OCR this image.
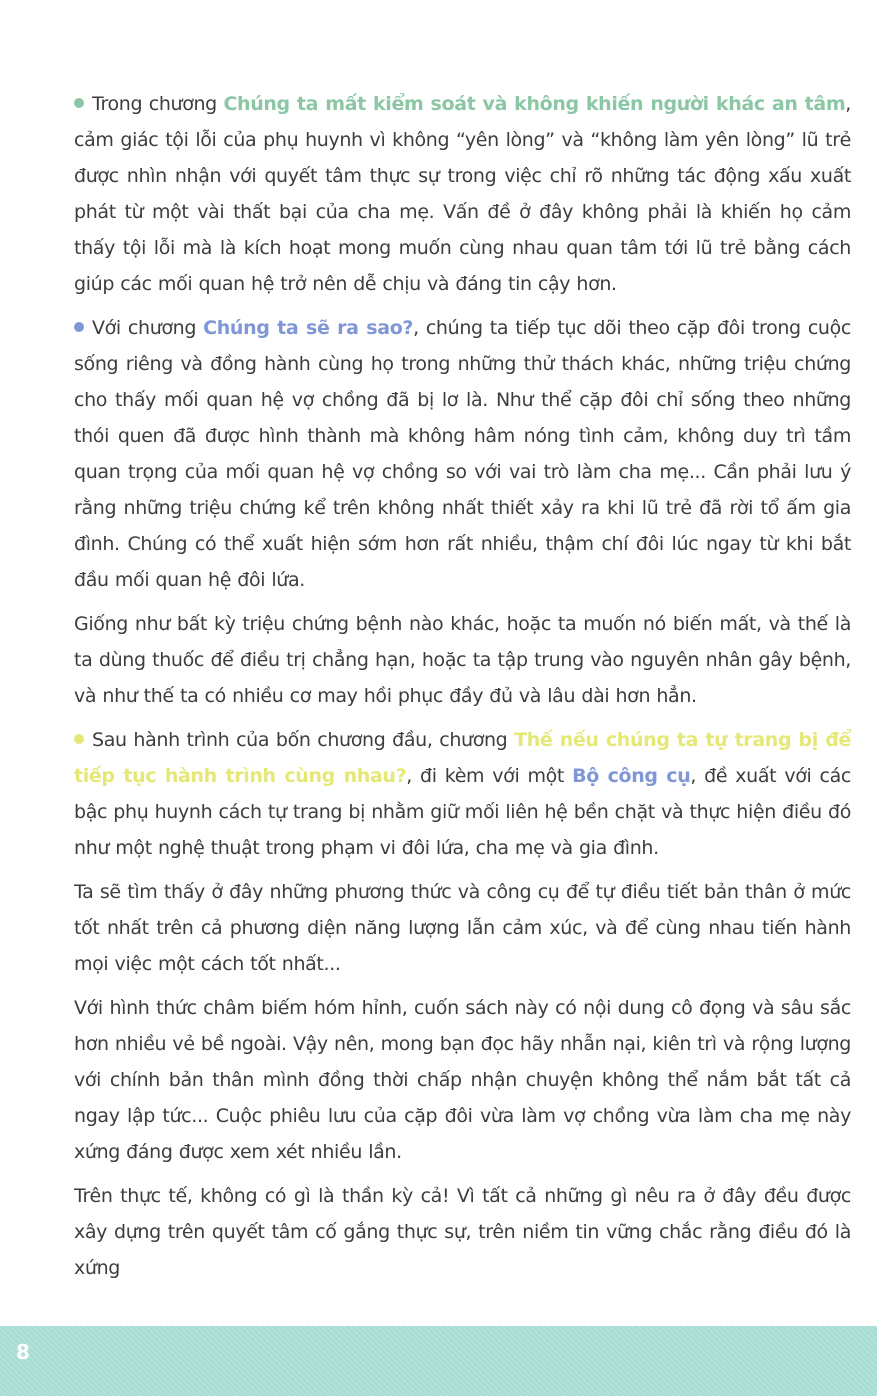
Trong chương Chúng ta mất kiểm soát và không khiến người khác an tâm, cảm giác tội lỗi của phụ huynh vì không “yên lòng” và “không làm yên lòng” lũ trẻ được nhìn nhận với quyết tâm thực sự trong việc chỉ rõ những tác động xấu xuất phát từ một vài thất bại của cha mẹ. Vấn đề ở đây không phải là khiến họ cảm thấy tội lỗi mà là kích hoạt mong muốn cùng nhau quan tâm tới lũ trẻ bằng cách giúp các mối quan hệ trở nên dễ chịu và đáng tin cậy hơn.

Với chương Chúng ta sẽ ra sao?, chúng ta tiếp tục dõi theo cặp đôi trong cuộc sống riêng và đồng hành cùng họ trong những thử thách khác, những triệu chứng cho thấy mối quan hệ vợ chồng đã bị lơ là. Như thể cặp đôi chỉ sống theo những thói quen đã được hình thành mà không hâm nóng tình cảm, không duy trì tầm quan trọng của mối quan hệ vợ chồng so với vai trò làm cha mẹ... Cần phải lưu ý rằng những triệu chứng kể trên không nhất thiết xảy ra khi lũ trẻ đã rời tổ ấm gia đình. Chúng có thể xuất hiện sớm hơn rất nhiều, thậm chí đôi lúc ngay từ khi bắt đầu mối quan hệ đôi lứa.

Giống như bất kỳ triệu chứng bệnh nào khác, hoặc ta muốn nó biến mất, và thế là ta dùng thuốc để điều trị chẳng hạn, hoặc ta tập trung vào nguyên nhân gây bệnh, và như thế ta có nhiều cơ may hồi phục đầy đủ và lâu dài hơn hẳn.

Sau hành trình của bốn chương đầu, chương Thế nếu chúng ta tự trang bị để tiếp tục hành trình cùng nhau?, đi kèm với một Bộ công cụ, đề xuất với các bậc phụ huynh cách tự trang bị nhằm giữ mối liên hệ bền chặt và thực hiện điều đó như một nghệ thuật trong phạm vi đôi lứa, cha mẹ và gia đình.

Ta sẽ tìm thấy ở đây những phương thức và công cụ để tự điều tiết bản thân ở mức tốt nhất trên cả phương diện năng lượng lẫn cảm xúc, và để cùng nhau tiến hành mọi việc một cách tốt nhất...

Với hình thức châm biếm hóm hỉnh, cuốn sách này có nội dung cô đọng và sâu sắc hơn nhiều vẻ bề ngoài. Vậy nên, mong bạn đọc hãy nhẫn nại, kiên trì và rộng lượng với chính bản thân mình đồng thời chấp nhận chuyện không thể nắm bắt tất cả ngay lập tức... Cuộc phiêu lưu của cặp đôi vừa làm vợ chồng vừa làm cha mẹ này xứng đáng được xem xét nhiều lần.

Trên thực tế, không có gì là thần kỳ cả! Vì tất cả những gì nêu ra ở đây đều được xây dựng trên quyết tâm cố gắng thực sự, trên niềm tin vững chắc rằng điều đó là xứng

8
